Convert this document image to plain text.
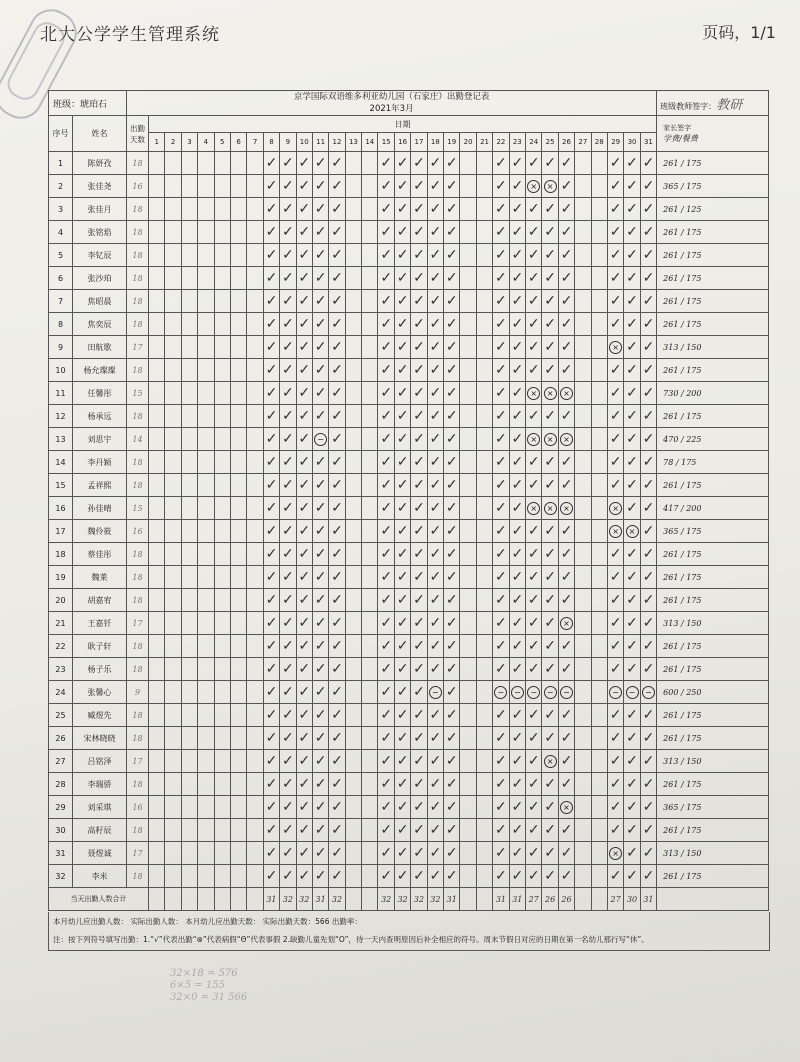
北大公学学生管理系统	页码，1/1
班级：琥珀石		京学国际双语维多利亚幼儿园（石家庄）出勤登记表
2021年3月																																班级教师签字：教研
序号	姓名	出勤天数	日期																															家长签字
学费/餐费

			1	2	3	4	5	6	7	8	9	10	11	12	13	14	15	16	17	18	19	20	21	22	23	24	25	26	27	28	29	30	31	
1	陈妍孜	18								✓	✓	✓	✓	✓			✓	✓	✓	✓	✓			✓	✓	✓	✓	✓			✓	✓	✓	261 / 175
2	张佳尧	16								✓	✓	✓	✓	✓			✓	✓	✓	✓	✓			✓	✓	×	×	✓			✓	✓	✓	365 / 175
3	张佳月	18								✓	✓	✓	✓	✓			✓	✓	✓	✓	✓			✓	✓	✓	✓	✓			✓	✓	✓	261 / 125
4	张铭焰	18								✓	✓	✓	✓	✓			✓	✓	✓	✓	✓			✓	✓	✓	✓	✓			✓	✓	✓	261 / 175
5	李钇辰	18								✓	✓	✓	✓	✓			✓	✓	✓	✓	✓			✓	✓	✓	✓	✓			✓	✓	✓	261 / 175
6	张沙珀	18								✓	✓	✓	✓	✓			✓	✓	✓	✓	✓			✓	✓	✓	✓	✓			✓	✓	✓	261 / 175
7	焦昭晨	18								✓	✓	✓	✓	✓			✓	✓	✓	✓	✓			✓	✓	✓	✓	✓			✓	✓	✓	261 / 175
8	焦奕辰	18								✓	✓	✓	✓	✓			✓	✓	✓	✓	✓			✓	✓	✓	✓	✓			✓	✓	✓	261 / 175
9	田航歌	17								✓	✓	✓	✓	✓			✓	✓	✓	✓	✓			✓	✓	✓	✓	✓			×	✓	✓	313 / 150
10	杨允璨璨	18								✓	✓	✓	✓	✓			✓	✓	✓	✓	✓			✓	✓	✓	✓	✓			✓	✓	✓	261 / 175
11	任馨彤	15								✓	✓	✓	✓	✓			✓	✓	✓	✓	✓			✓	✓	×	×	×			✓	✓	✓	730 / 200
12	杨承远	18								✓	✓	✓	✓	✓			✓	✓	✓	✓	✓			✓	✓	✓	✓	✓			✓	✓	✓	261 / 175
13	刘思宇	14								✓	✓	✓	−	✓			✓	✓	✓	✓	✓			✓	✓	×	×	×			✓	✓	✓	470 / 225
14	李丹颖	18								✓	✓	✓	✓	✓			✓	✓	✓	✓	✓			✓	✓	✓	✓	✓			✓	✓	✓	78 / 175
15	孟祥熙	18								✓	✓	✓	✓	✓			✓	✓	✓	✓	✓			✓	✓	✓	✓	✓			✓	✓	✓	261 / 175
16	孙佳晴	15								✓	✓	✓	✓	✓			✓	✓	✓	✓	✓			✓	✓	×	×	×			×	✓	✓	417 / 200
17	魏伶筱	16								✓	✓	✓	✓	✓			✓	✓	✓	✓	✓			✓	✓	✓	✓	✓			×	×	✓	365 / 175
18	蔡佳彤	18								✓	✓	✓	✓	✓			✓	✓	✓	✓	✓			✓	✓	✓	✓	✓			✓	✓	✓	261 / 175
19	魏莱	18								✓	✓	✓	✓	✓			✓	✓	✓	✓	✓			✓	✓	✓	✓	✓			✓	✓	✓	261 / 175
20	胡嘉宥	18								✓	✓	✓	✓	✓			✓	✓	✓	✓	✓			✓	✓	✓	✓	✓			✓	✓	✓	261 / 175
21	王嘉钎	17								✓	✓	✓	✓	✓			✓	✓	✓	✓	✓			✓	✓	✓	✓	×			✓	✓	✓	313 / 150
22	耿子轩	18								✓	✓	✓	✓	✓			✓	✓	✓	✓	✓			✓	✓	✓	✓	✓			✓	✓	✓	261 / 175
23	杨子乐	18								✓	✓	✓	✓	✓			✓	✓	✓	✓	✓			✓	✓	✓	✓	✓			✓	✓	✓	261 / 175
24	张馨心	9								✓	✓	✓	✓	✓			✓	✓	✓	−	✓			−	−	−	−	−			−	−	−	600 / 250
25	臧煜先	18								✓	✓	✓	✓	✓			✓	✓	✓	✓	✓			✓	✓	✓	✓	✓			✓	✓	✓	261 / 175
26	宋林晓晓	18								✓	✓	✓	✓	✓			✓	✓	✓	✓	✓			✓	✓	✓	✓	✓			✓	✓	✓	261 / 175
27	吕铭泽	17								✓	✓	✓	✓	✓			✓	✓	✓	✓	✓			✓	✓	✓	×	✓			✓	✓	✓	313 / 150
28	李瑞骄	18								✓	✓	✓	✓	✓			✓	✓	✓	✓	✓			✓	✓	✓	✓	✓			✓	✓	✓	261 / 175
29	刘采琪	16								✓	✓	✓	✓	✓			✓	✓	✓	✓	✓			✓	✓	✓	✓	×			✓	✓	✓	365 / 175
30	高籽辰	18								✓	✓	✓	✓	✓			✓	✓	✓	✓	✓			✓	✓	✓	✓	✓			✓	✓	✓	261 / 175
31	聂煜诚	17								✓	✓	✓	✓	✓			✓	✓	✓	✓	✓			✓	✓	✓	✓	✓			×	✓	✓	313 / 150
32	李米	18								✓	✓	✓	✓	✓			✓	✓	✓	✓	✓			✓	✓	✓	✓	✓			✓	✓	✓	261 / 175
当天出勤人数合计										31	32	32	31	32			32	32	32	32	31			31	31	27	26	26			27	30	31	
本月幼儿应出勤人数： 实际出勤人数： 本月幼儿应出勤天数： 实际出勤天数：566 出勤率：
注：按下列符号填写出勤：1.“√”代表出勤“⊗”代表病假“Θ”代表事假 2.缺勤儿童先划“O”，待一天内查明原因后补全相应的符号。周末节假日对应的日期在第一名幼儿那行写“休”。
32×18 = 576
6×5 = 155
32×0 = 31 566
